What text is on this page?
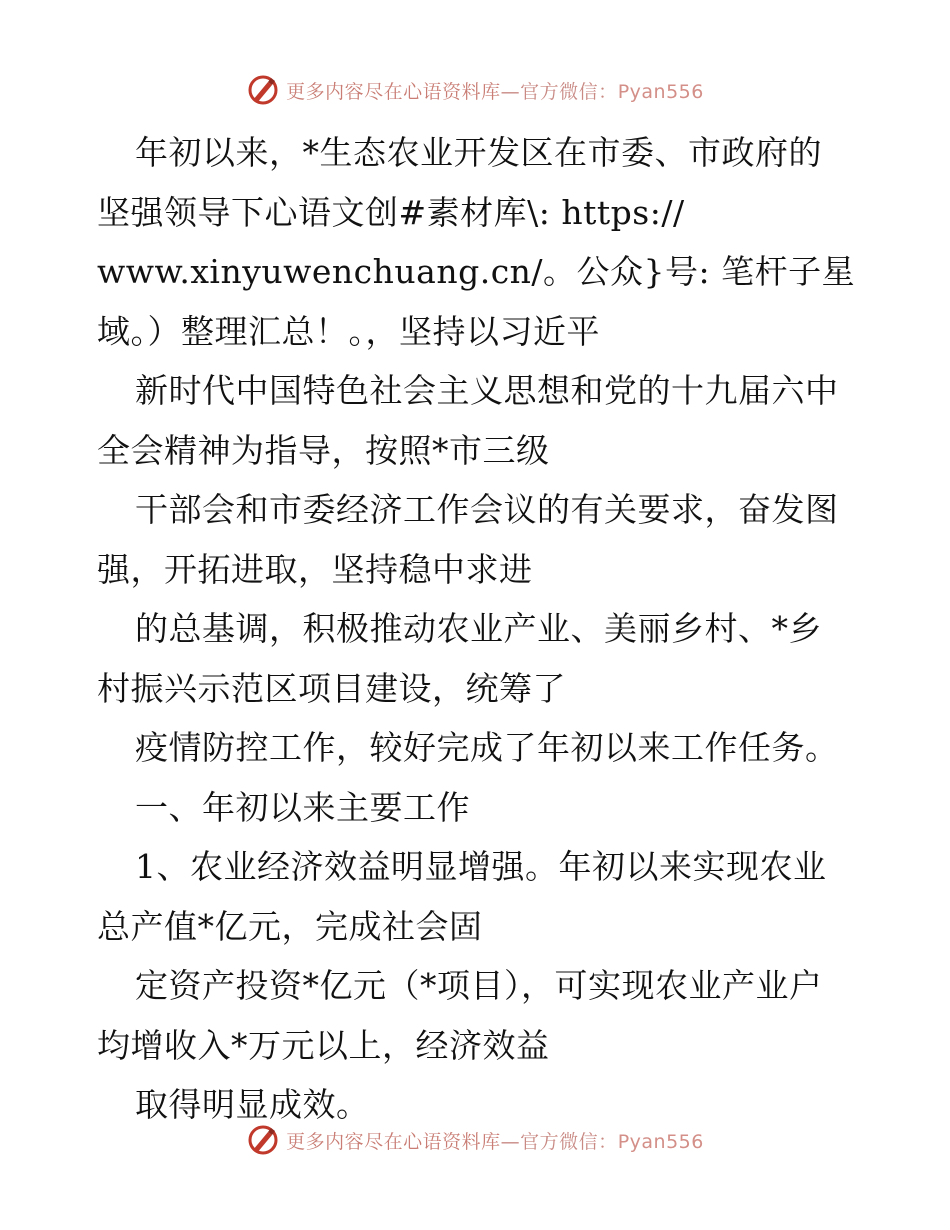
更多内容尽在心语资料库—官方微信：Pyan556
年初以来，*生态农业开发区在市委、市政府的
坚强领导下心语文创#素材库\: https://
www.xinyuwenchuang.cn/。公众}号: 笔杆子星
域。）整理汇总！。，坚持以习近平
新时代中国特色社会主义思想和党的十九届六中
全会精神为指导，按照*市三级
干部会和市委经济工作会议的有关要求，奋发图
强，开拓进取，坚持稳中求进
的总基调，积极推动农业产业、美丽乡村、*乡
村振兴示范区项目建设，统筹了
疫情防控工作，较好完成了年初以来工作任务。
一、年初以来主要工作
1、农业经济效益明显增强。年初以来实现农业
总产值*亿元，完成社会固
定资产投资*亿元（*项目），可实现农业产业户
均增收入*万元以上，经济效益
取得明显成效。
更多内容尽在心语资料库—官方微信：Pyan556
